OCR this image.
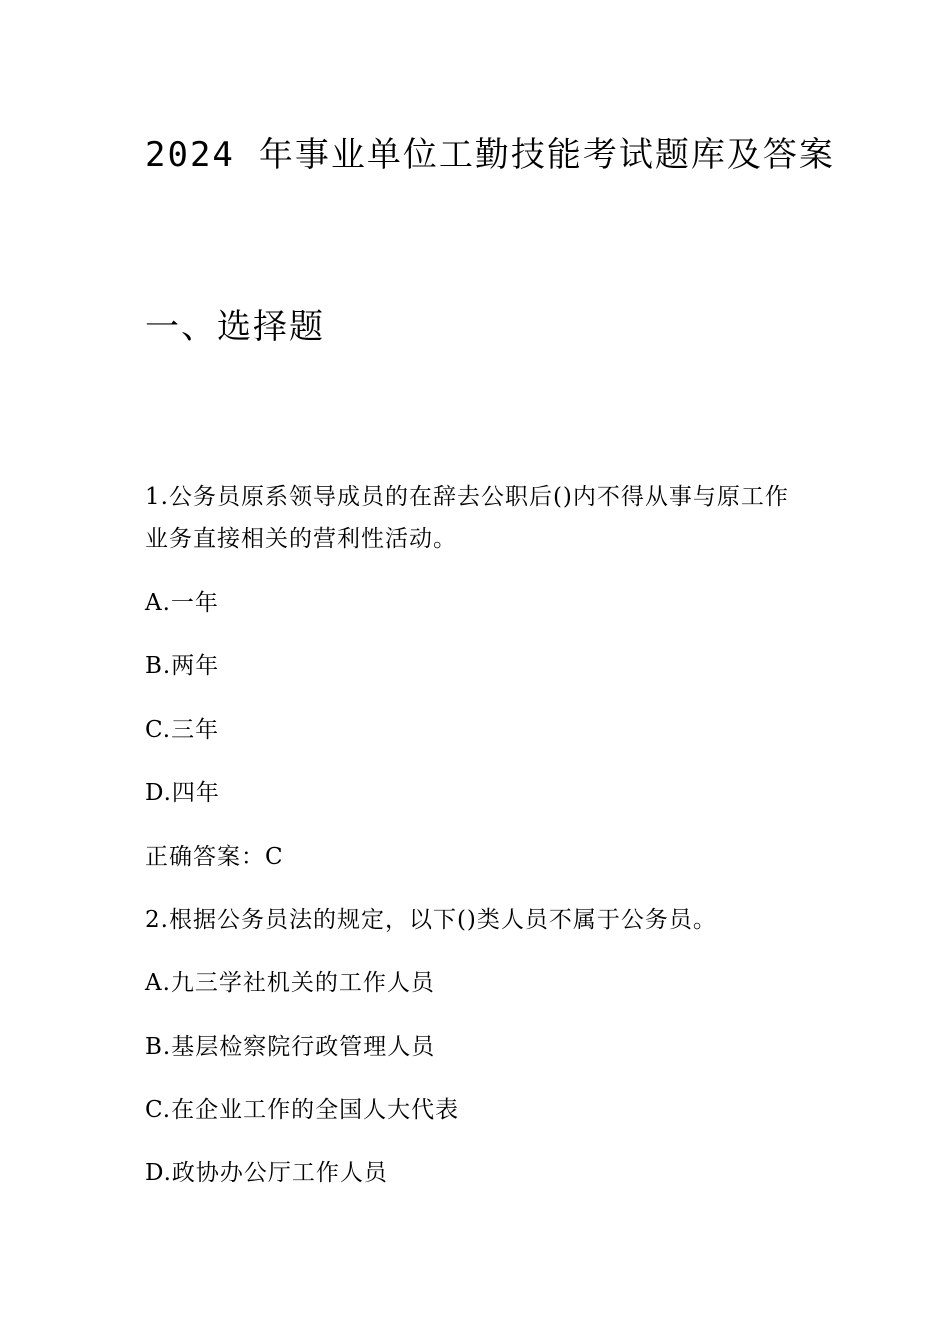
2024 年事业单位工勤技能考试题库及答案
一、选择题
1.公务员原系领导成员的在辞去公职后()内不得从事与原工作
业务直接相关的营利性活动。
A.一年
B.两年
C.三年
D.四年
正确答案：C
2.根据公务员法的规定，以下()类人员不属于公务员。
A.九三学社机关的工作人员
B.基层检察院行政管理人员
C.在企业工作的全国人大代表
D.政协办公厅工作人员
